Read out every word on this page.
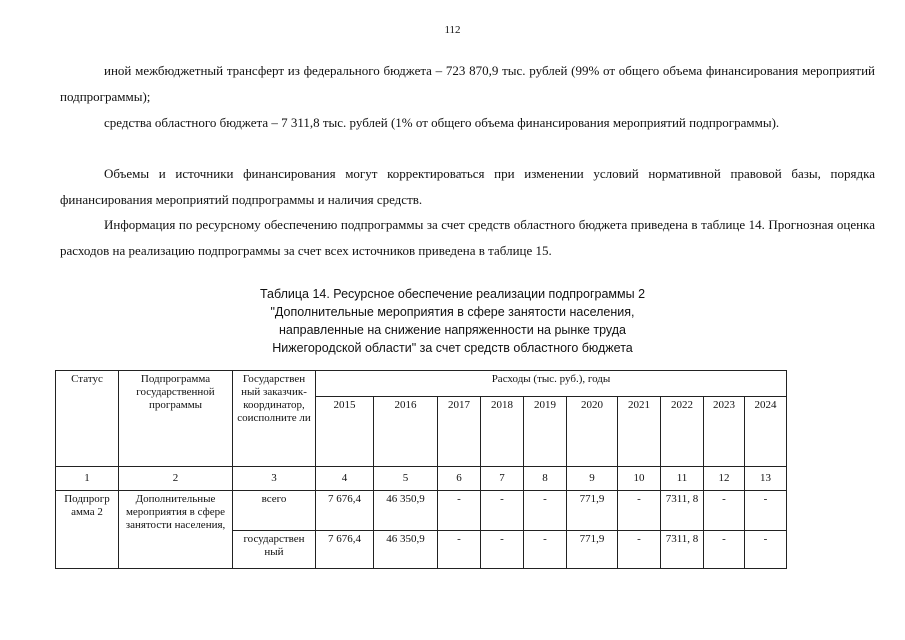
112

иной межбюджетный трансферт из федерального бюджета – 723 870,9 тыс. рублей (99% от общего объема финансирования мероприятий подпрограммы);

средства областного бюджета – 7 311,8 тыс. рублей (1% от общего объема финансирования мероприятий подпрограммы).

Объемы и источники финансирования могут корректироваться при изменении условий нормативной правовой базы, порядка финансирования мероприятий подпрограммы и наличия средств.

Информация по ресурсному обеспечению подпрограммы за счет средств областного бюджета приведена в таблице 14. Прогнозная оценка расходов на реализацию подпрограммы за счет всех источников приведена в таблице 15.

Таблица 14. Ресурсное обеспечение реализации подпрограммы 2
"Дополнительные мероприятия в сфере занятости населения,
направленные на снижение напряженности на рынке труда
Нижегородской области" за счет средств областного бюджета
Статус	Подпрограмма государственной программы	Государствен ный заказчик-координатор, соисполните ли	Расходы (тыс. руб.), годы									
			2015	2016	2017	2018	2019	2020	2021	2022	2023	2024
1	2	3	4	5	6	7	8	9	10	11	12	13
Подпрогр амма 2	Дополнительные мероприятия в сфере занятости населения,	всего	7 676,4	46 350,9	-	-	-	771,9	-	7311, 8	-	-
		государствен ный	7 676,4	46 350,9	-	-	-	771,9	-	7311, 8	-	-
